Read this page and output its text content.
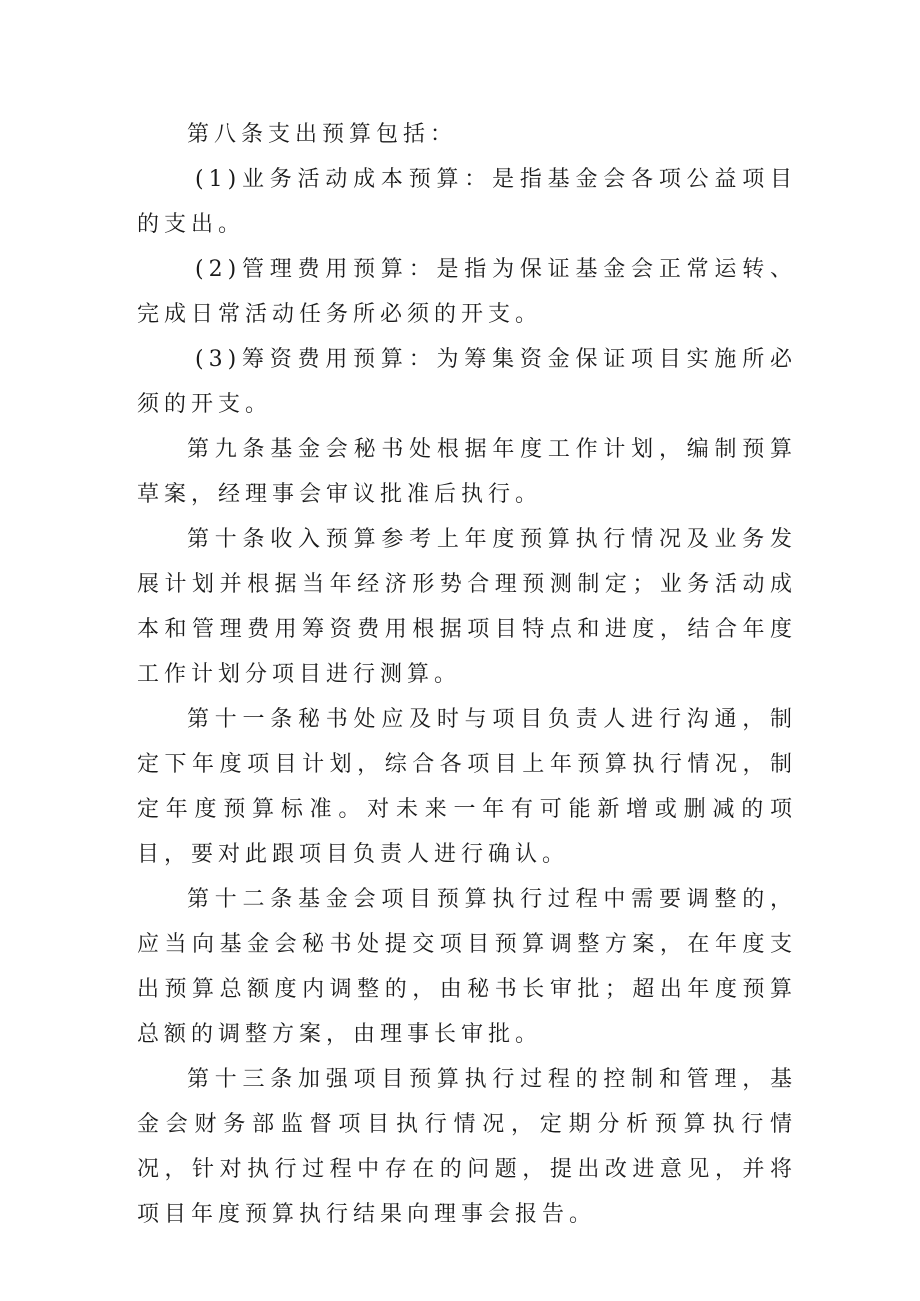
第八条支出预算包括：

(1)业务活动成本预算：是指基金会各项公益项目的支出。

(2)管理费用预算：是指为保证基金会正常运转、完成日常活动任务所必须的开支。

(3)筹资费用预算：为筹集资金保证项目实施所必须的开支。

第九条基金会秘书处根据年度工作计划，编制预算草案，经理事会审议批准后执行。

第十条收入预算参考上年度预算执行情况及业务发展计划并根据当年经济形势合理预测制定；业务活动成本和管理费用筹资费用根据项目特点和进度，结合年度工作计划分项目进行测算。

第十一条秘书处应及时与项目负责人进行沟通，制定下年度项目计划，综合各项目上年预算执行情况，制定年度预算标准。对未来一年有可能新增或删减的项目，要对此跟项目负责人进行确认。

第十二条基金会项目预算执行过程中需要调整的，应当向基金会秘书处提交项目预算调整方案，在年度支出预算总额度内调整的，由秘书长审批；超出年度预算总额的调整方案，由理事长审批。

第十三条加强项目预算执行过程的控制和管理，基金会财务部监督项目执行情况，定期分析预算执行情况，针对执行过程中存在的问题，提出改进意见，并将项目年度预算执行结果向理事会报告。
